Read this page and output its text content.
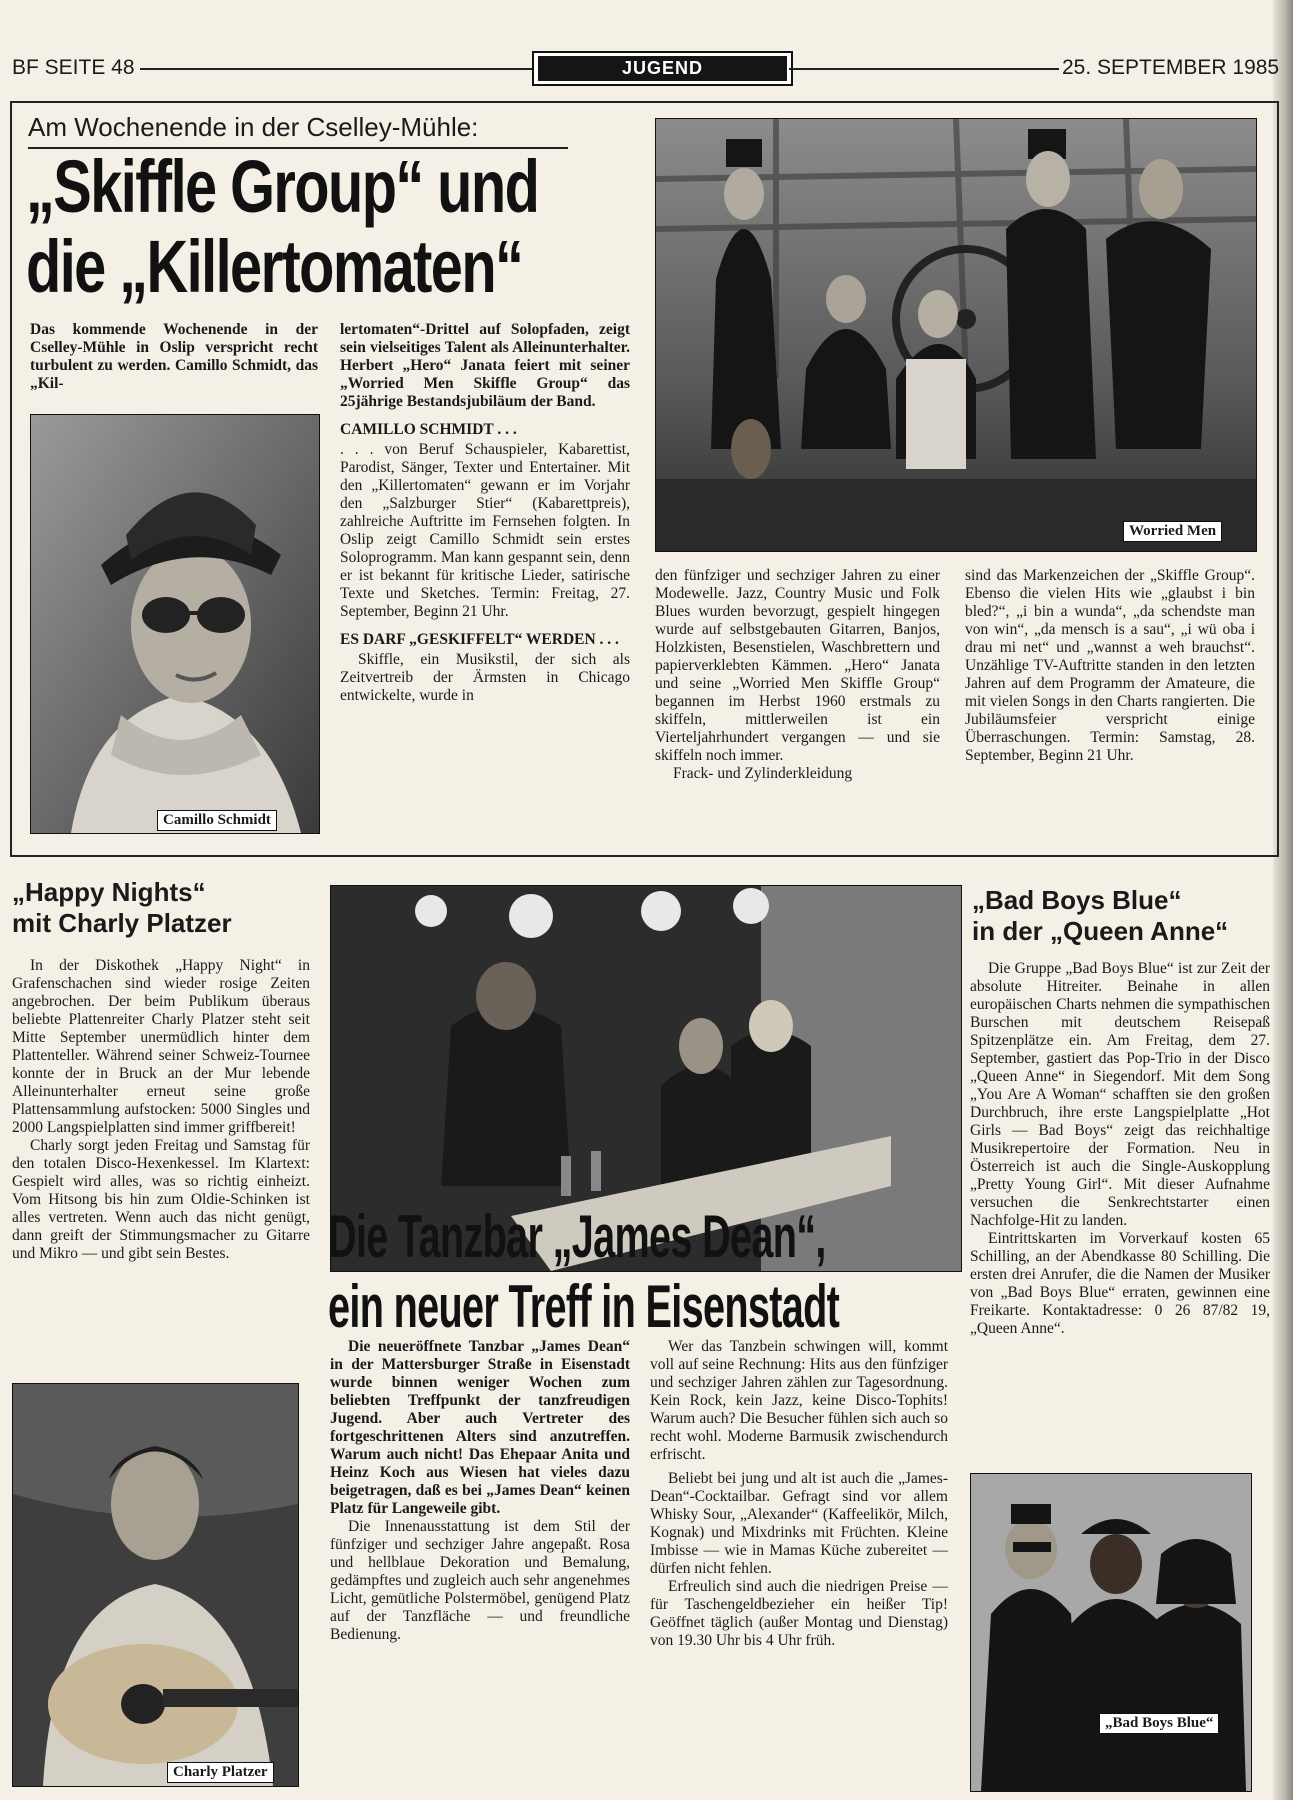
BF SEITE 48	JUGEND	25. SEPTEMBER 1985
Am Wochenende in der Cselley-Mühle:
„Skiffle Group“ und
die „Killertomaten“
Das kommende Wochenende in der Cselley-Mühle in Oslip verspricht recht turbulent zu werden. Camillo Schmidt, das „Kil-
Camillo Schmidt

lertomaten“-Drittel auf Solopfaden, zeigt sein vielseitiges Talent als Alleinunterhalter. Herbert „Hero“ Janata feiert mit seiner „Worried Men Skiffle Group“ das 25jährige Bestandsjubiläum der Band.

CAMILLO SCHMIDT . . .

. . . von Beruf Schauspieler, Kabarettist, Parodist, Sänger, Texter und Entertainer. Mit den „Killertomaten“ gewann er im Vorjahr den „Salzburger Stier“ (Kabarettpreis), zahlreiche Auftritte im Fernsehen folgten. In Oslip zeigt Camillo Schmidt sein erstes Soloprogramm. Man kann gespannt sein, denn er ist bekannt für kritische Lieder, satirische Texte und Sketches. Termin: Freitag, 27. September, Beginn 21 Uhr.

ES DARF „GESKIFFELT“ WERDEN . . .

Skiffle, ein Musikstil, der sich als Zeitvertreib der Ärmsten in Chicago entwickelte, wurde in

Worried Men

den fünfziger und sechziger Jahren zu einer Modewelle. Jazz, Country Music und Folk Blues wurden bevorzugt, gespielt hingegen wurde auf selbstgebauten Gitarren, Banjos, Holzkisten, Besenstielen, Waschbrettern und papierverklebten Kämmen. „Hero“ Janata und seine „Worried Men Skiffle Group“ begannen im Herbst 1960 erstmals zu skiffeln, mittlerweilen ist ein Vierteljahrhundert vergangen — und sie skiffeln noch immer.

Frack- und Zylinderkleidung

sind das Markenzeichen der „Skiffle Group“. Ebenso die vielen Hits wie „glaubst i bin bled?“, „i bin a wunda“, „da schendste man von win“, „da mensch is a sau“, „i wü oba i drau mi net“ und „wannst a weh brauchst“. Unzählige TV-Auftritte standen in den letzten Jahren auf dem Programm der Amateure, die mit vielen Songs in den Charts rangierten. Die Jubiläumsfeier verspricht einige Überraschungen. Termin: Samstag, 28. September, Beginn 21 Uhr.

„Happy Nights“
mit Charly Platzer

In der Diskothek „Happy Night“ in Grafenschachen sind wieder rosige Zeiten angebrochen. Der beim Publikum überaus beliebte Plattenreiter Charly Platzer steht seit Mitte September unermüdlich hinter dem Plattenteller. Während seiner Schweiz-Tournee konnte der in Bruck an der Mur lebende Alleinunterhalter erneut seine große Plattensammlung aufstocken: 5000 Singles und 2000 Langspielplatten sind immer griffbereit!

Charly sorgt jeden Freitag und Samstag für den totalen Disco-Hexenkessel. Im Klartext: Gespielt wird alles, was so richtig einheizt. Vom Hitsong bis hin zum Oldie-Schinken ist alles vertreten. Wenn auch das nicht genügt, dann greift der Stimmungsmacher zu Gitarre und Mikro — und gibt sein Bestes.

Charly Platzer
Die Tanzbar „James Dean“,
ein neuer Treff in Eisenstadt

Die neueröffnete Tanzbar „James Dean“ in der Mattersburger Straße in Eisenstadt wurde binnen weniger Wochen zum beliebten Treffpunkt der tanzfreudigen Jugend. Aber auch Vertreter des fortgeschrittenen Alters sind anzutreffen. Warum auch nicht! Das Ehepaar Anita und Heinz Koch aus Wiesen hat vieles dazu beigetragen, daß es bei „James Dean“ keinen Platz für Langeweile gibt.

Die Innenausstattung ist dem Stil der fünfziger und sechziger Jahre angepaßt. Rosa und hellblaue Dekoration und Bemalung, gedämpftes und zugleich auch sehr angenehmes Licht, gemütliche Polstermöbel, genügend Platz auf der Tanzfläche — und freundliche Bedienung.

Wer das Tanzbein schwingen will, kommt voll auf seine Rechnung: Hits aus den fünfziger und sechziger Jahren zählen zur Tagesordnung. Kein Rock, kein Jazz, keine Disco-Tophits! Warum auch? Die Besucher fühlen sich auch so recht wohl. Moderne Barmusik zwischendurch erfrischt.

Beliebt bei jung und alt ist auch die „James-Dean“-Cocktailbar. Gefragt sind vor allem Whisky Sour, „Alexander“ (Kaffeelikör, Milch, Kognak) und Mixdrinks mit Früchten. Kleine Imbisse — wie in Mamas Küche zubereitet — dürfen nicht fehlen.

Erfreulich sind auch die niedrigen Preise — für Taschengeldbezieher ein heißer Tip! Geöffnet täglich (außer Montag und Dienstag) von 19.30 Uhr bis 4 Uhr früh.

„Bad Boys Blue“
in der „Queen Anne“

Die Gruppe „Bad Boys Blue“ ist zur Zeit der absolute Hitreiter. Beinahe in allen europäischen Charts nehmen die sympathischen Burschen mit deutschem Reisepaß Spitzenplätze ein. Am Freitag, dem 27. September, gastiert das Pop-Trio in der Disco „Queen Anne“ in Siegendorf. Mit dem Song „You Are A Woman“ schafften sie den großen Durchbruch, ihre erste Langspielplatte „Hot Girls — Bad Boys“ zeigt das reichhaltige Musikrepertoire der Formation. Neu in Österreich ist auch die Single-Auskopplung „Pretty Young Girl“. Mit dieser Aufnahme versuchen die Senkrechtstarter einen Nachfolge-Hit zu landen.

Eintrittskarten im Vorverkauf kosten 65 Schilling, an der Abendkasse 80 Schilling. Die ersten drei Anrufer, die die Namen der Musiker von „Bad Boys Blue“ erraten, gewinnen eine Freikarte. Kontaktadresse: 0 26 87/82 19, „Queen Anne“.

„Bad Boys Blue“
